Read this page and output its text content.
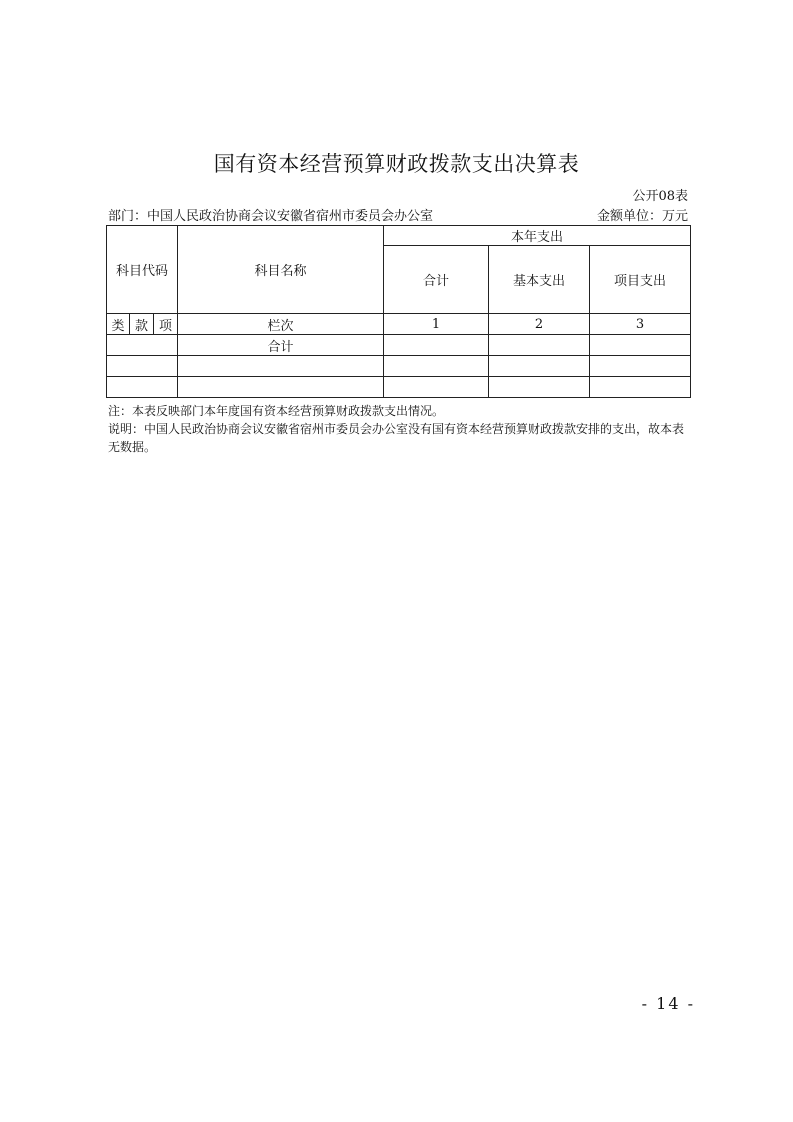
国有资本经营预算财政拨款支出决算表
公开08表
部门：中国人民政治协商会议安徽省宿州市委员会办公室	金额单位：万元
科目代码			科目名称	本年支出		
				合计	基本支出	项目支出
类	款	项	栏次	1	2	3
			合计			

注：本表反映部门本年度国有资本经营预算财政拨款支出情况。

说明：中国人民政治协商会议安徽省宿州市委员会办公室没有国有资本经营预算财政拨款安排的支出，故本表无数据。

- 14 -
